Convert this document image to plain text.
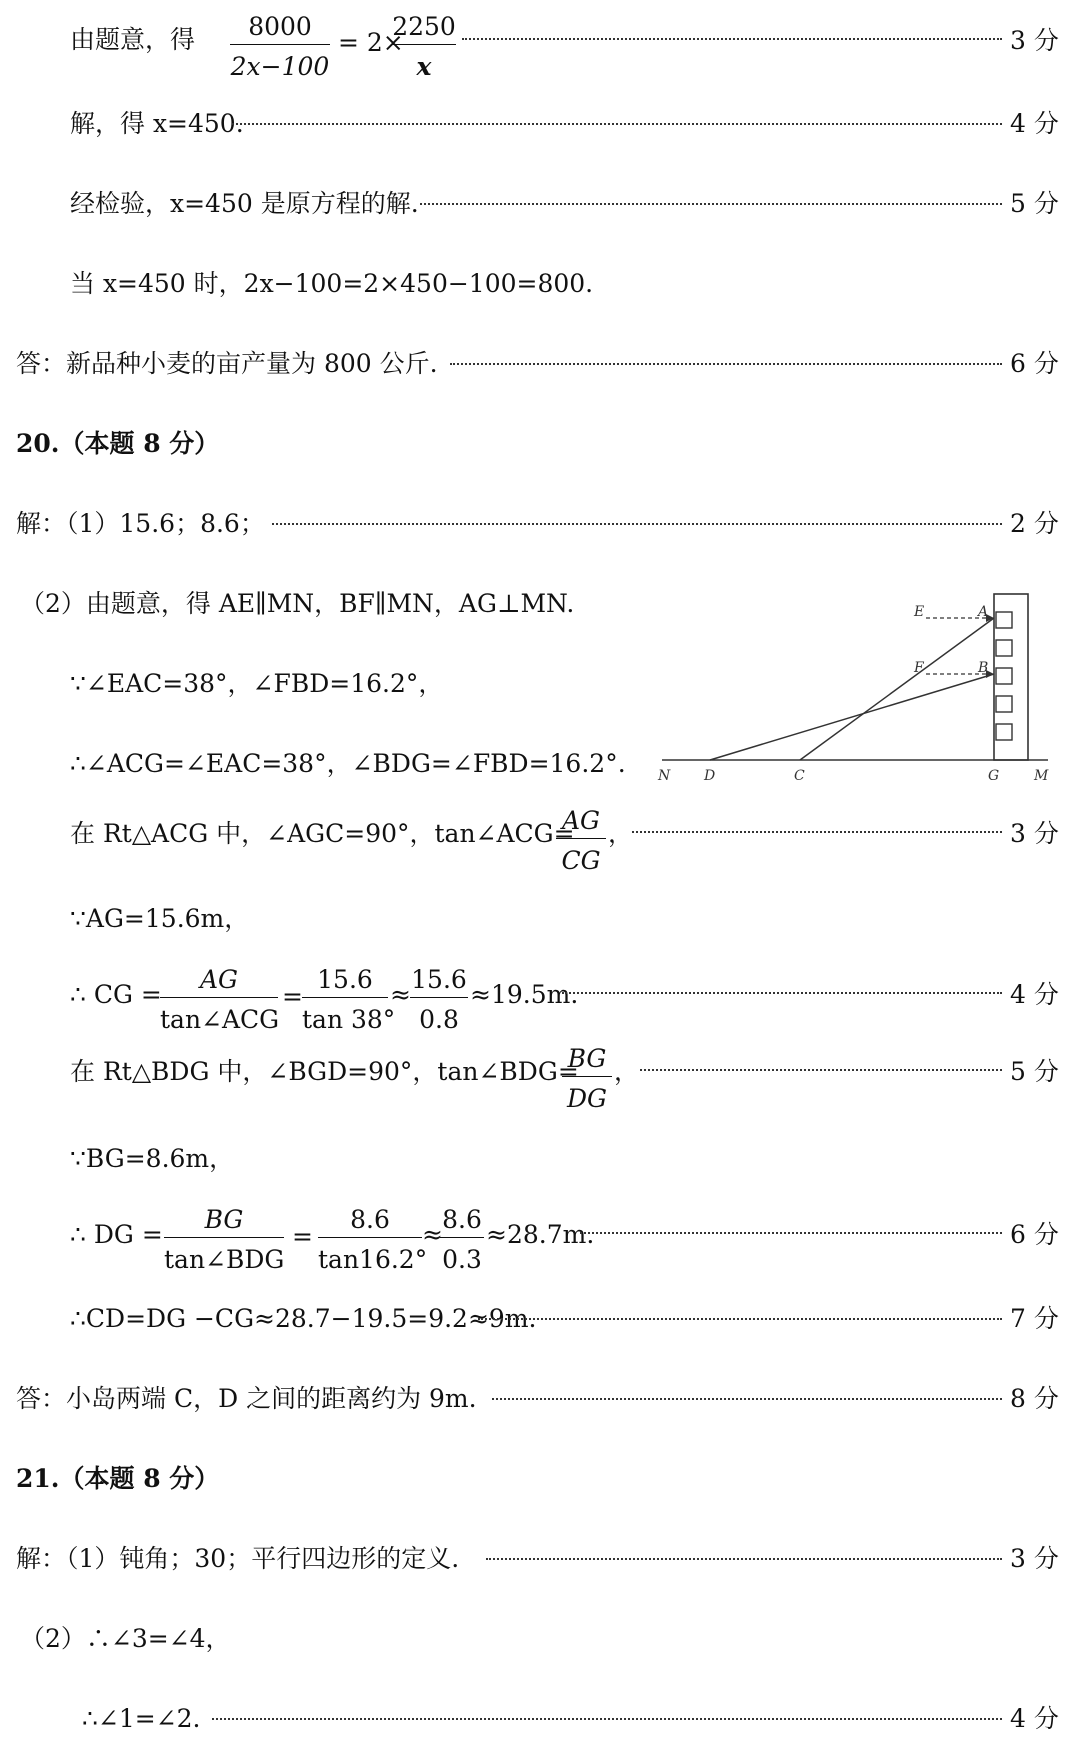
由题意，得	8000
2x−100
= 2×
2250
x
3 分
解，得 x=450.	4 分
经检验，x=450 是原方程的解.	5 分
当 x=450 时，2x−100=2×450−100=800.
答：新品种小麦的亩产量为 800 公斤.	6 分
20.（本题 8 分）
解：（1）15.6；8.6；	2 分
（2）由题意，得 AE∥MN，BF∥MN，AG⊥MN.
∵∠EAC=38°，∠FBD=16.2°，
∴∠ACG=∠EAC=38°，∠BDG=∠FBD=16.2°.
在 Rt△ACG 中，∠AGC=90°，tan∠ACG=
AG
CG
，	3 分
∵AG=15.6m，
∴ CG =
AG
tan∠ACG
=
15.6
tan 38°
≈
15.6
0.8
≈19.5m.	4 分
在 Rt△BDG 中，∠BGD=90°，tan∠BDG=
BG
DG
，	5 分
∵BG=8.6m，
∴ DG =
BG
tan∠BDG
=
8.6
tan16.2°
≈
8.6
0.3
≈28.7m.	6 分
∴CD=DG −CG≈28.7−19.5=9.2≈9m.	7 分
答：小岛两端 C，D 之间的距离约为 9m.	8 分
21.（本题 8 分）
解：（1）钝角；30；平行四边形的定义.	3 分
（2）∴∠3=∠4，
∴∠1=∠2.	4 分
E	A
F	B
N D	C	G M
